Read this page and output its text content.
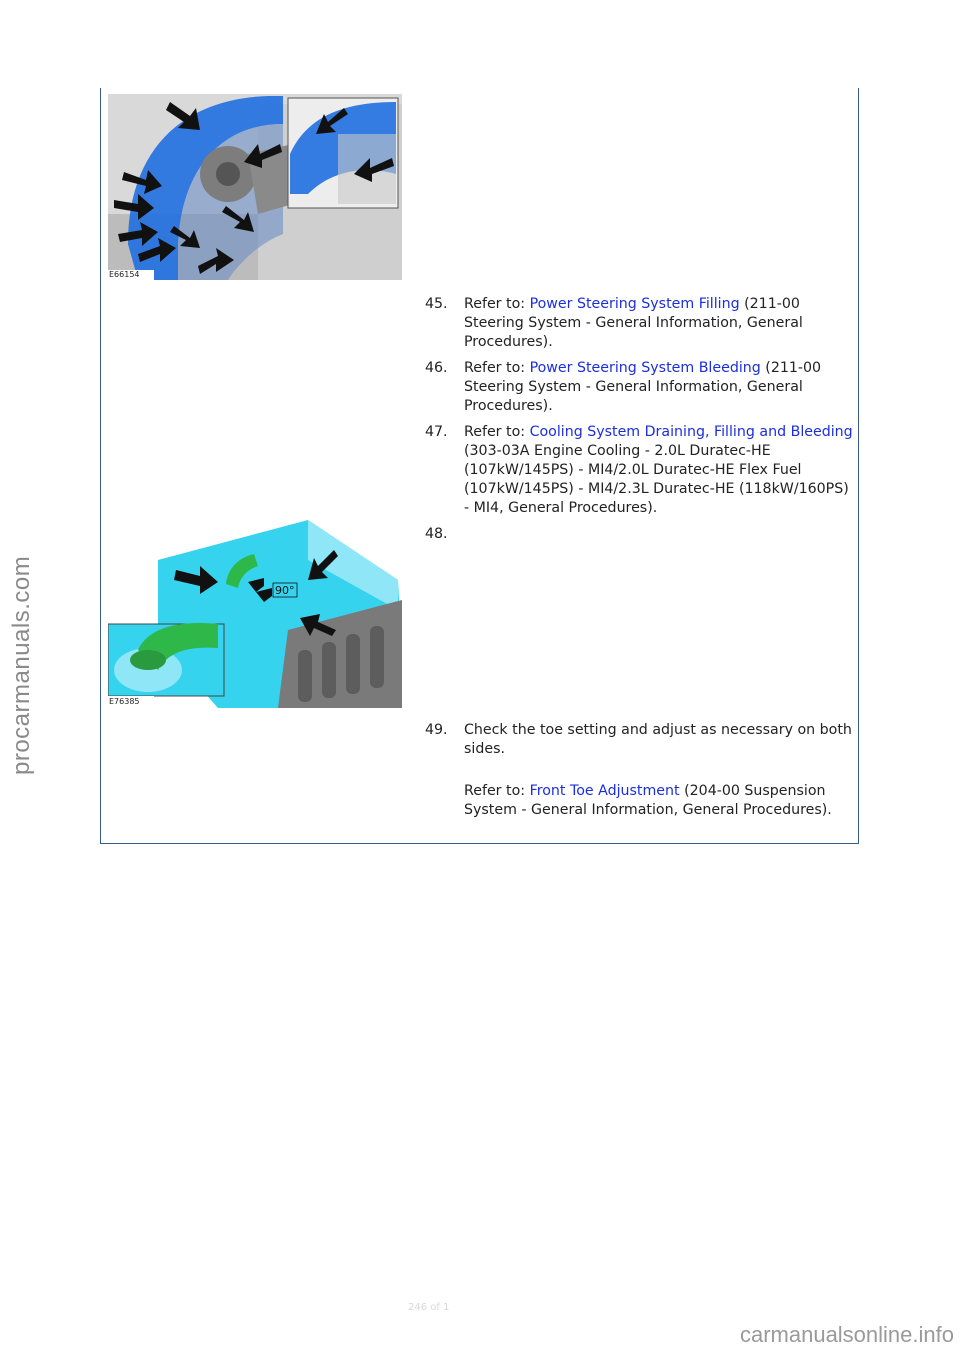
procarmanuals.com
carmanualsonline.info
246 of 1
E66154
45. Refer to: Power Steering System Filling (211-00 Steering System - General Information, General Procedures).
46. Refer to: Power Steering System Bleeding (211-00 Steering System - General Information, General Procedures).
47. Refer to: Cooling System Draining, Filling and Bleeding (303-03A Engine Cooling - 2.0L Duratec-HE (107kW/145PS) - MI4/2.0L Duratec-HE Flex Fuel (107kW/145PS) - MI4/2.3L Duratec-HE (118kW/160PS) - MI4, General Procedures).
90°
E76385
48.
49. Check the toe setting and adjust as necessary on both sides.
Refer to: Front Toe Adjustment (204-00 Suspension System - General Information, General Procedures).
